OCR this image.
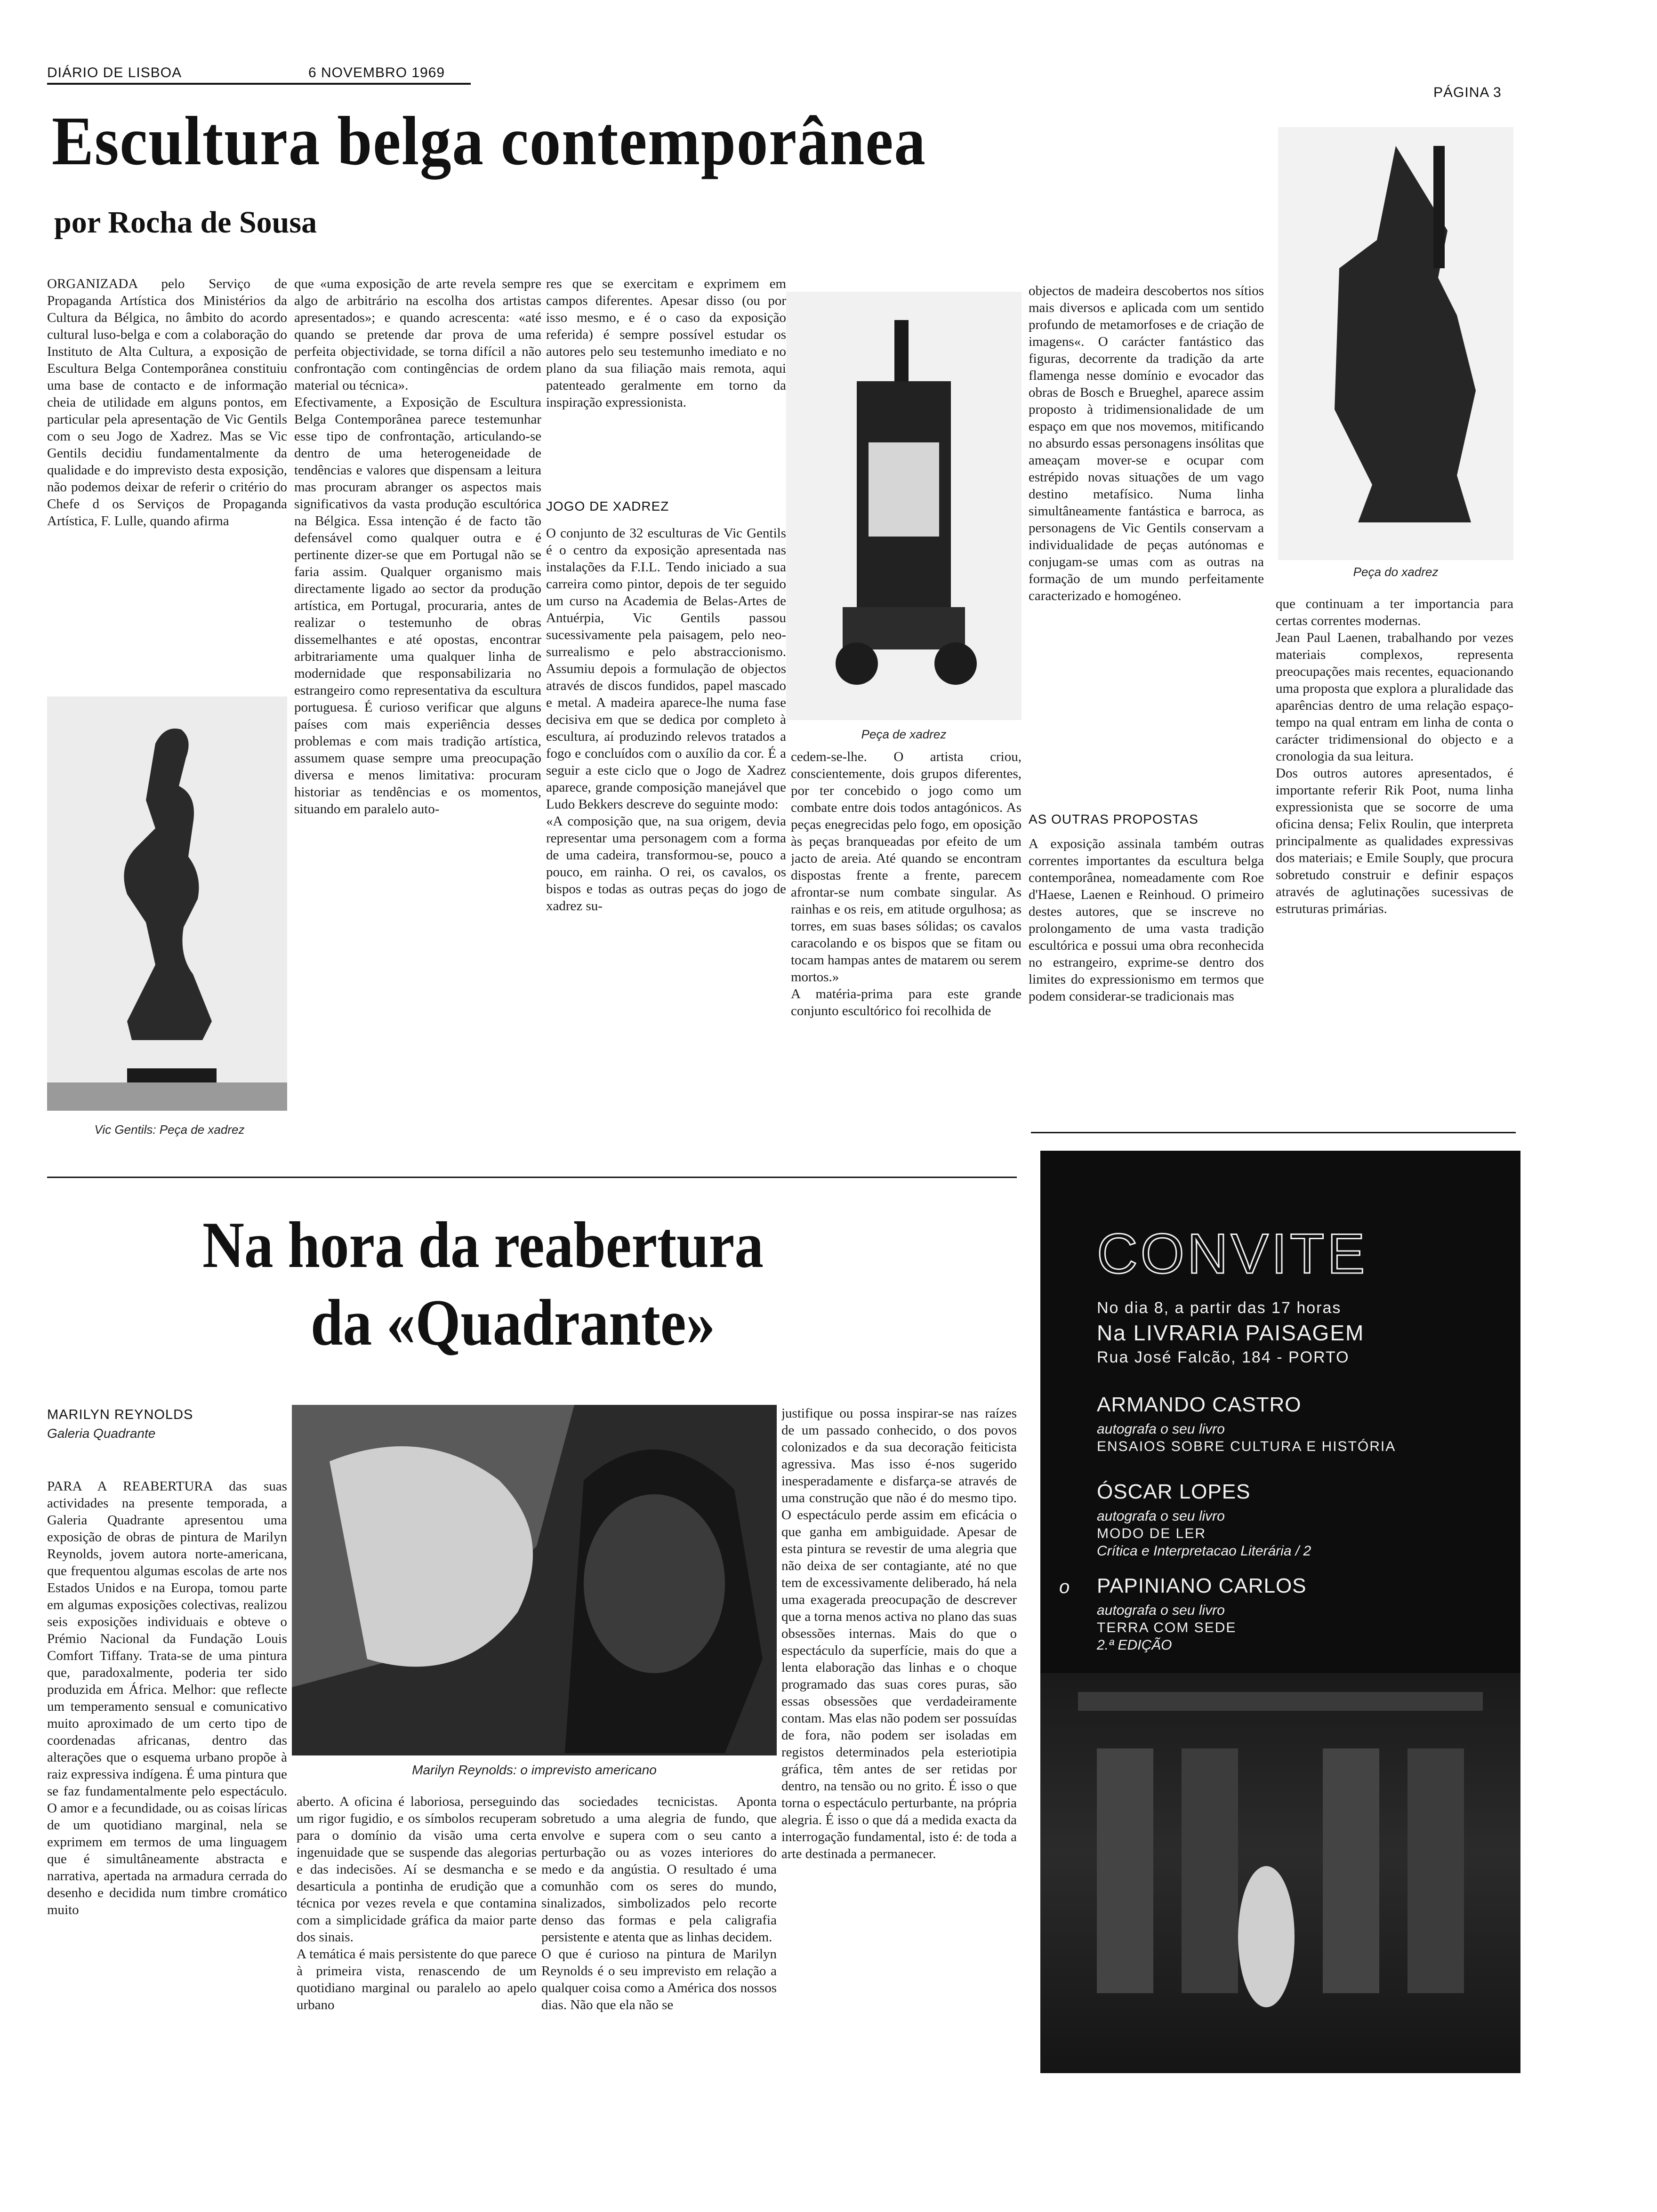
DIÁRIO DE LISBOA	6 NOVEMBRO 1969
PÁGINA 3
Escultura belga contemporânea
por Rocha de Sousa
ORGANIZADA pelo Serviço de Propaganda Artística dos Ministérios da Cultura da Bélgica, no âmbito do acordo cultural luso-belga e com a colaboração do Instituto de Alta Cultura, a exposição de Escultura Belga Contemporânea constituiu uma base de contacto e de informação cheia de utilidade em alguns pontos, em particular pela apresentação de Vic Gentils com o seu Jogo de Xadrez. Mas se Vic Gentils decidiu fundamentalmente da qualidade e do imprevisto desta exposição, não podemos deixar de referir o critério do Chefe d os Serviços de Propaganda Artística, F. Lulle, quando afirma
Vic Gentils: Peça de xadrez
que «uma exposição de arte revela sempre algo de arbitrário na escolha dos artistas apresentados»; e quando acrescenta: «até quando se pretende dar prova de uma perfeita objectividade, se torna difícil a não confrontação com contingências de ordem material ou técnica».
Efectivamente, a Exposição de Escultura Belga Contemporânea parece testemunhar esse tipo de confrontação, articulando-se dentro de uma heterogeneidade de tendências e valores que dispensam a leitura mas procuram abranger os aspectos mais significativos da vasta produção escultórica na Bélgica. Essa intenção é de facto tão defensável como qualquer outra e é pertinente dizer-se que em Portugal não se faria assim. Qualquer organismo mais directamente ligado ao sector da produção artística, em Portugal, procuraria, antes de realizar o testemunho de obras dissemelhantes e até opostas, encontrar arbitrariamente uma qualquer linha de modernidade que responsabilizaria no estrangeiro como representativa da escultura portuguesa. É curioso verificar que alguns países com mais experiência desses problemas e com mais tradição artística, assumem quase sempre uma preocupação diversa e menos limitativa: procuram historiar as tendências e os momentos, situando em paralelo auto-
res que se exercitam e exprimem em campos diferentes. Apesar disso (ou por isso mesmo, e é o caso da exposição referida) é sempre possível estudar os autores pelo seu testemunho imediato e no plano da sua filiação mais remota, aqui patenteado geralmente em torno da inspiração expressionista.
JOGO DE XADREZ
O conjunto de 32 esculturas de Vic Gentils é o centro da exposição apresentada nas instalações da F.I.L. Tendo iniciado a sua carreira como pintor, depois de ter seguido um curso na Academia de Belas-Artes de Antuérpia, Vic Gentils passou sucessivamente pela paisagem, pelo neo-surrealismo e pelo abstraccionismo. Assumiu depois a formulação de objectos através de discos fundidos, papel mascado e metal. A madeira aparece-lhe numa fase decisiva em que se dedica por completo à escultura, aí produzindo relevos tratados a fogo e concluídos com o auxílio da cor. É a seguir a este ciclo que o Jogo de Xadrez aparece, grande composição manejável que Ludo Bekkers descreve do seguinte modo:
«A composição que, na sua origem, devia representar uma personagem com a forma de uma cadeira, transformou-se, pouco a pouco, em rainha. O rei, os cavalos, os bispos e todas as outras peças do jogo de xadrez su-
Peça de xadrez
cedem-se-lhe. O artista criou, conscientemente, dois grupos diferentes, por ter concebido o jogo como um combate entre dois todos antagónicos. As peças enegrecidas pelo fogo, em oposição às peças branqueadas por efeito de um jacto de areia. Até quando se encontram dispostas frente a frente, parecem afrontar-se num combate singular. As rainhas e os reis, em atitude orgulhosa; as torres, em suas bases sólidas; os cavalos caracolando e os bispos que se fitam ou tocam hampas antes de matarem ou serem mortos.»
A matéria-prima para este grande conjunto escultórico foi recolhida de
objectos de madeira descobertos nos sítios mais diversos e aplicada com um sentido profundo de metamorfoses e de criação de imagens«. O carácter fantástico das figuras, decorrente da tradição da arte flamenga nesse domínio e evocador das obras de Bosch e Brueghel, aparece assim proposto à tridimensionalidade de um espaço em que nos movemos, mitificando no absurdo essas personagens insólitas que ameaçam mover-se e ocupar com estrépido novas situações de um vago destino metafísico. Numa linha simultâneamente fantástica e barroca, as personagens de Vic Gentils conservam a individualidade de peças autónomas e conjugam-se umas com as outras na formação de um mundo perfeitamente caracterizado e homogéneo.
AS OUTRAS PROPOSTAS
A exposição assinala também outras correntes importantes da escultura belga contemporânea, nomeadamente com Roe d'Haese, Laenen e Reinhoud. O primeiro destes autores, que se inscreve no prolongamento de uma vasta tradição escultórica e possui uma obra reconhecida no estrangeiro, exprime-se dentro dos limites do expressionismo em termos que podem considerar-se tradicionais mas
Peça do xadrez
que continuam a ter importancia para certas correntes modernas.
Jean Paul Laenen, trabalhando por vezes materiais complexos, representa preocupações mais recentes, equacionando uma proposta que explora a pluralidade das aparências dentro de uma relação espaço-tempo na qual entram em linha de conta o carácter tridimensional do objecto e a cronologia da sua leitura.
Dos outros autores apresentados, é importante referir Rik Poot, numa linha expressionista que se socorre de uma oficina densa; Felix Roulin, que interpreta principalmente as qualidades expressivas dos materiais; e Emile Souply, que procura sobretudo construir e definir espaços através de aglutinações sucessivas de estruturas primárias.
Na hora da reabertura
da «Quadrante»
MARILYN REYNOLDS
Galeria Quadrante
PARA A REABERTURA das suas actividades na presente temporada, a Galeria Quadrante apresentou uma exposição de obras de pintura de Marilyn Reynolds, jovem autora norte-americana, que frequentou algumas escolas de arte nos Estados Unidos e na Europa, tomou parte em algumas exposições colectivas, realizou seis exposições individuais e obteve o Prémio Nacional da Fundação Louis Comfort Tiffany. Trata-se de uma pintura que, paradoxalmente, poderia ter sido produzida em África. Melhor: que reflecte um temperamento sensual e comunicativo muito aproximado de um certo tipo de coordenadas africanas, dentro das alterações que o esquema urbano propõe à raiz expressiva indígena. É uma pintura que se faz fundamentalmente pelo espectáculo. O amor e a fecundidade, ou as coisas líricas de um quotidiano marginal, nela se exprimem em termos de uma linguagem que é simultâneamente abstracta e narrativa, apertada na armadura cerrada do desenho e decidida num timbre cromático muito
Marilyn Reynolds: o imprevisto americano
aberto. A oficina é laboriosa, perseguindo um rigor fugidio, e os símbolos recuperam para o domínio da visão uma certa ingenuidade que se suspende das alegorias e das indecisões. Aí se desmancha e se desarticula a pontinha de erudição que a técnica por vezes revela e que contamina com a simplicidade gráfica da maior parte dos sinais.
A temática é mais persistente do que parece à primeira vista, renascendo de um quotidiano marginal ou paralelo ao apelo urbano
das sociedades tecnicistas. Aponta sobretudo a uma alegria de fundo, que envolve e supera com o seu canto a perturbação ou as vozes interiores do medo e da angústia. O resultado é uma comunhão com os seres do mundo, sinalizados, simbolizados pelo recorte denso das formas e pela caligrafia persistente e atenta que as linhas decidem.
O que é curioso na pintura de Marilyn Reynolds é o seu imprevisto em relação a qualquer coisa como a América dos nossos dias. Não que ela não se
justifique ou possa inspirar-se nas raízes de um passado conhecido, o dos povos colonizados e da sua decoração feiticista agressiva. Mas isso é-nos sugerido inesperadamente e disfarça-se através de uma construção que não é do mesmo tipo. O espectáculo perde assim em eficácia o que ganha em ambiguidade. Apesar de esta pintura se revestir de uma alegria que não deixa de ser contagiante, até no que tem de excessivamente deliberado, há nela uma exagerada preocupação de descrever que a torna menos activa no plano das suas obsessões internas. Mais do que o espectáculo da superfície, mais do que a lenta elaboração das linhas e o choque programado das suas cores puras, são essas obsessões que verdadeiramente contam. Mas elas não podem ser possuídas de fora, não podem ser isoladas em registos determinados pela esteriotipia gráfica, têm antes de ser retidas por dentro, na tensão ou no grito. É isso o que torna o espectáculo perturbante, na própria alegria. É isso o que dá a medida exacta da interrogação fundamental, isto é: de toda a arte destinada a permanecer.
CONVITE
No dia 8, a partir das 17 horas
Na LIVRARIA PAISAGEM
Rua José Falcão, 184 - PORTO
ARMANDO CASTRO
autografa o seu livro
ENSAIOS SOBRE CULTURA E HISTÓRIA
ÓSCAR LOPES
autografa o seu livro
MODO DE LER
Crítica e Interpretacao Literária / 2
o PAPINIANO CARLOS
autografa o seu livro
TERRA COM SEDE
2.ª EDIÇÃO
